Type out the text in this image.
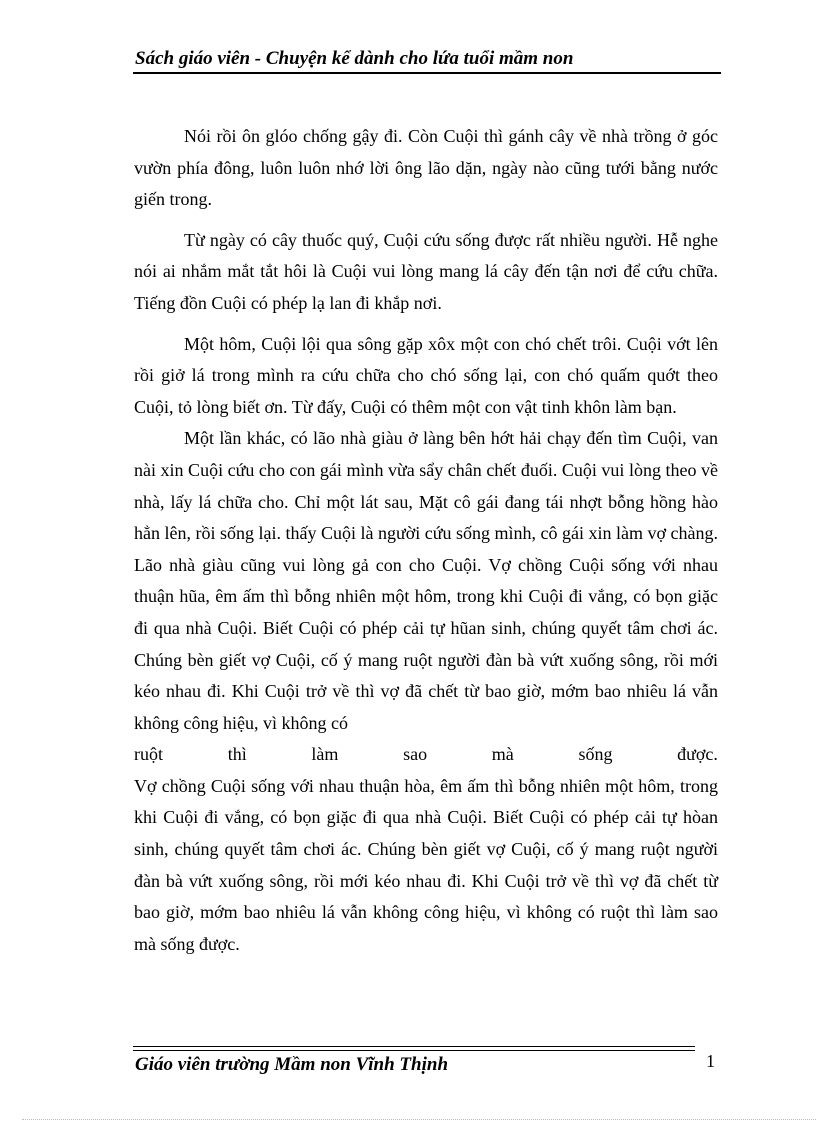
Sách giáo viên - Chuyện kể dành cho lứa tuổi mầm non

Nói rồi ôn glóo chống gậy đi. Còn Cuội thì gánh cây về nhà trồng ở góc vườn phía đông, luôn luôn nhớ lời ông lão dặn, ngày nào cũng tưới bằng nước giến trong.

Từ ngày có cây thuốc quý, Cuội cứu sống được rất nhiều người. Hễ nghe nói ai nhắm mắt tắt hôi là Cuội vui lòng mang lá cây đến tận nơi để cứu chữa. Tiếng đồn Cuội có phép lạ lan đi khắp nơi.

Một hôm, Cuội lội qua sông gặp xôx một con chó chết trôi. Cuội vớt lên rồi giở lá trong mình ra cứu chữa cho chó sống lại, con chó quấm quớt theo Cuội, tỏ lòng biết ơn. Từ đấy, Cuội có thêm một con vật tinh khôn làm bạn.

Một lần khác, có lão nhà giàu ở làng bên hớt hải chạy đến tìm Cuội, van nài xin Cuội cứu cho con gái mình vừa sẩy chân chết đuối. Cuội vui lòng theo về nhà, lấy lá chữa cho. Chỉ một lát sau, Mặt cô gái đang tái nhợt bỗng hồng hào hẳn lên, rồi sống lại. thấy Cuội là người cứu sống mình, cô gái xin làm vợ chàng. Lão nhà giàu cũng vui lòng gả con cho Cuội. Vợ chồng Cuội sống với nhau thuận hũa, êm ấm thì bỗng nhiên một hôm, trong khi Cuội đi vắng, có bọn giặc đi qua nhà Cuội. Biết Cuội có phép cải tự hũan sinh, chúng quyết tâm chơi ác. Chúng bèn giết vợ Cuội, cố ý mang ruột người đàn bà vứt xuống sông, rồi mới kéo nhau đi. Khi Cuội trở về thì vợ đã chết từ bao giờ, mớm bao nhiêu lá vẫn không công hiệu, vì không có

ruột	thì	làm	sao	mà	sống	được.

Vợ chồng Cuội sống với nhau thuận hòa, êm ấm thì bỗng nhiên một hôm, trong khi Cuội đi vắng, có bọn giặc đi qua nhà Cuội. Biết Cuội có phép cải tự hòan sinh, chúng quyết tâm chơi ác. Chúng bèn giết vợ Cuội, cố ý mang ruột người đàn bà vứt xuống sông, rồi mới kéo nhau đi. Khi Cuội trở về thì vợ đã chết từ bao giờ, mớm bao nhiêu lá vẫn không công hiệu, vì không có ruột thì làm sao mà sống được.

Giáo viên trường Mầm non Vĩnh Thịnh	1
